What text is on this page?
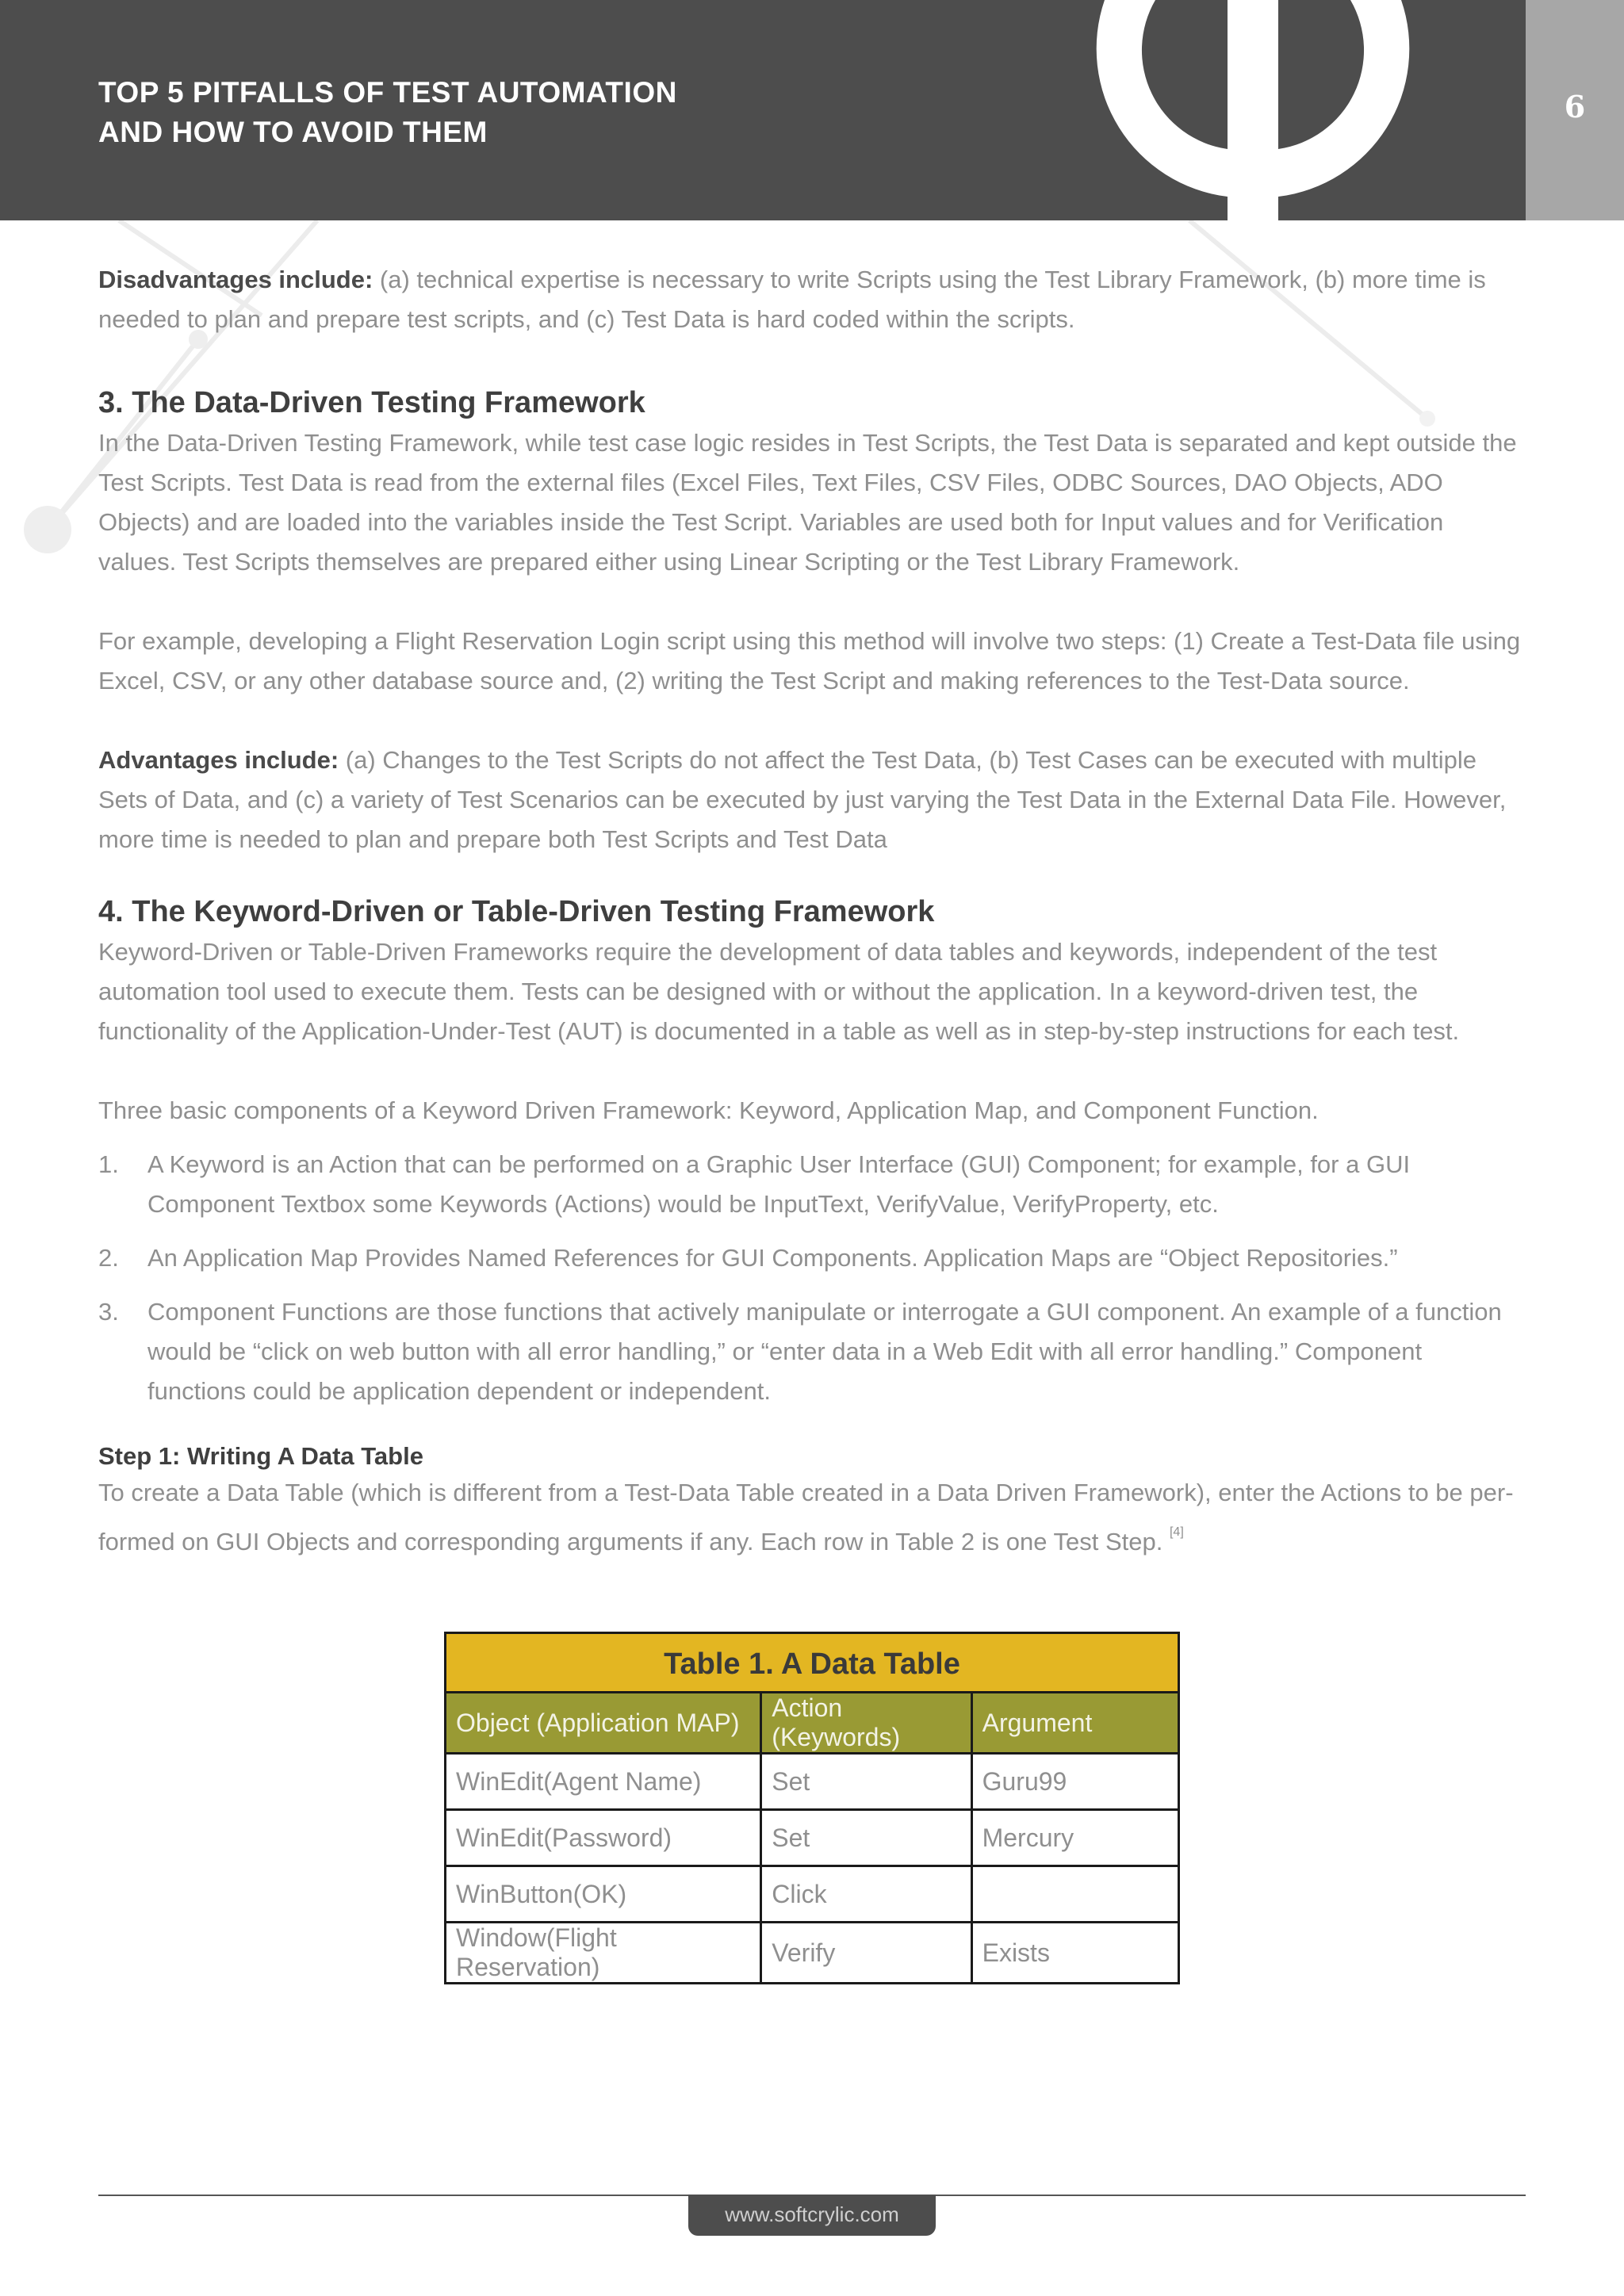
TOP 5 PITFALLS OF TEST AUTOMATION
AND HOW TO AVOID THEM
6

Disadvantages include: (a) technical expertise is necessary to write Scripts using the Test Library Framework, (b) more time is needed to plan and prepare test scripts, and (c) Test Data is hard coded within the scripts.

3. The Data-Driven Testing Framework

In the Data-Driven Testing Framework, while test case logic resides in Test Scripts, the Test Data is separated and kept outside the Test Scripts. Test Data is read from the external files (Excel Files, Text Files, CSV Files, ODBC Sources, DAO Objects, ADO Objects) and are loaded into the variables inside the Test Script. Variables are used both for Input values and for Verification values. Test Scripts themselves are prepared either using Linear Scripting or the Test Library Framework.

For example, developing a Flight Reservation Login script using this method will involve two steps: (1) Create a Test-Data file using Excel, CSV, or any other database source and, (2) writing the Test Script and making references to the Test-Data source.

Advantages include: (a) Changes to the Test Scripts do not affect the Test Data, (b) Test Cases can be executed with multiple Sets of Data, and (c) a variety of Test Scenarios can be executed by just varying the Test Data in the External Data File. However, more time is needed to plan and prepare both Test Scripts and Test Data

4. The Keyword-Driven or Table-Driven Testing Framework

Keyword-Driven or Table-Driven Frameworks require the development of data tables and keywords, independent of the test automation tool used to execute them. Tests can be designed with or without the application. In a keyword-driven test, the functionality of the Application-Under-Test (AUT) is documented in a table as well as in step-by-step instructions for each test.

Three basic components of a Keyword Driven Framework: Keyword, Application Map, and Component Function.

1. A Keyword is an Action that can be performed on a Graphic User Interface (GUI) Component; for example, for a GUI Component Textbox some Keywords (Actions) would be InputText, VerifyValue, VerifyProperty, etc.
2. An Application Map Provides Named References for GUI Components. Application Maps are “Object Repositories.”
3. Component Functions are those functions that actively manipulate or interrogate a GUI component. An example of a function would be “click on web button with all error handling,” or “enter data in a Web Edit with all error handling.” Component functions could be application dependent or independent.
Step 1: Writing A Data Table

To create a Data Table (which is different from a Test-Data Table created in a Data Driven Framework), enter the Actions to be per-formed on GUI Objects and corresponding arguments if any. Each row in Table 2 is one Test Step. [4]

Table 1. A Data Table
Object (Application MAP)	Action (Keywords)	Argument
WinEdit(Agent Name)	Set	Guru99
WinEdit(Password)	Set	Mercury
WinButton(OK)	Click	
Window(Flight Reservation)	Verify	Exists
www.softcrylic.com
